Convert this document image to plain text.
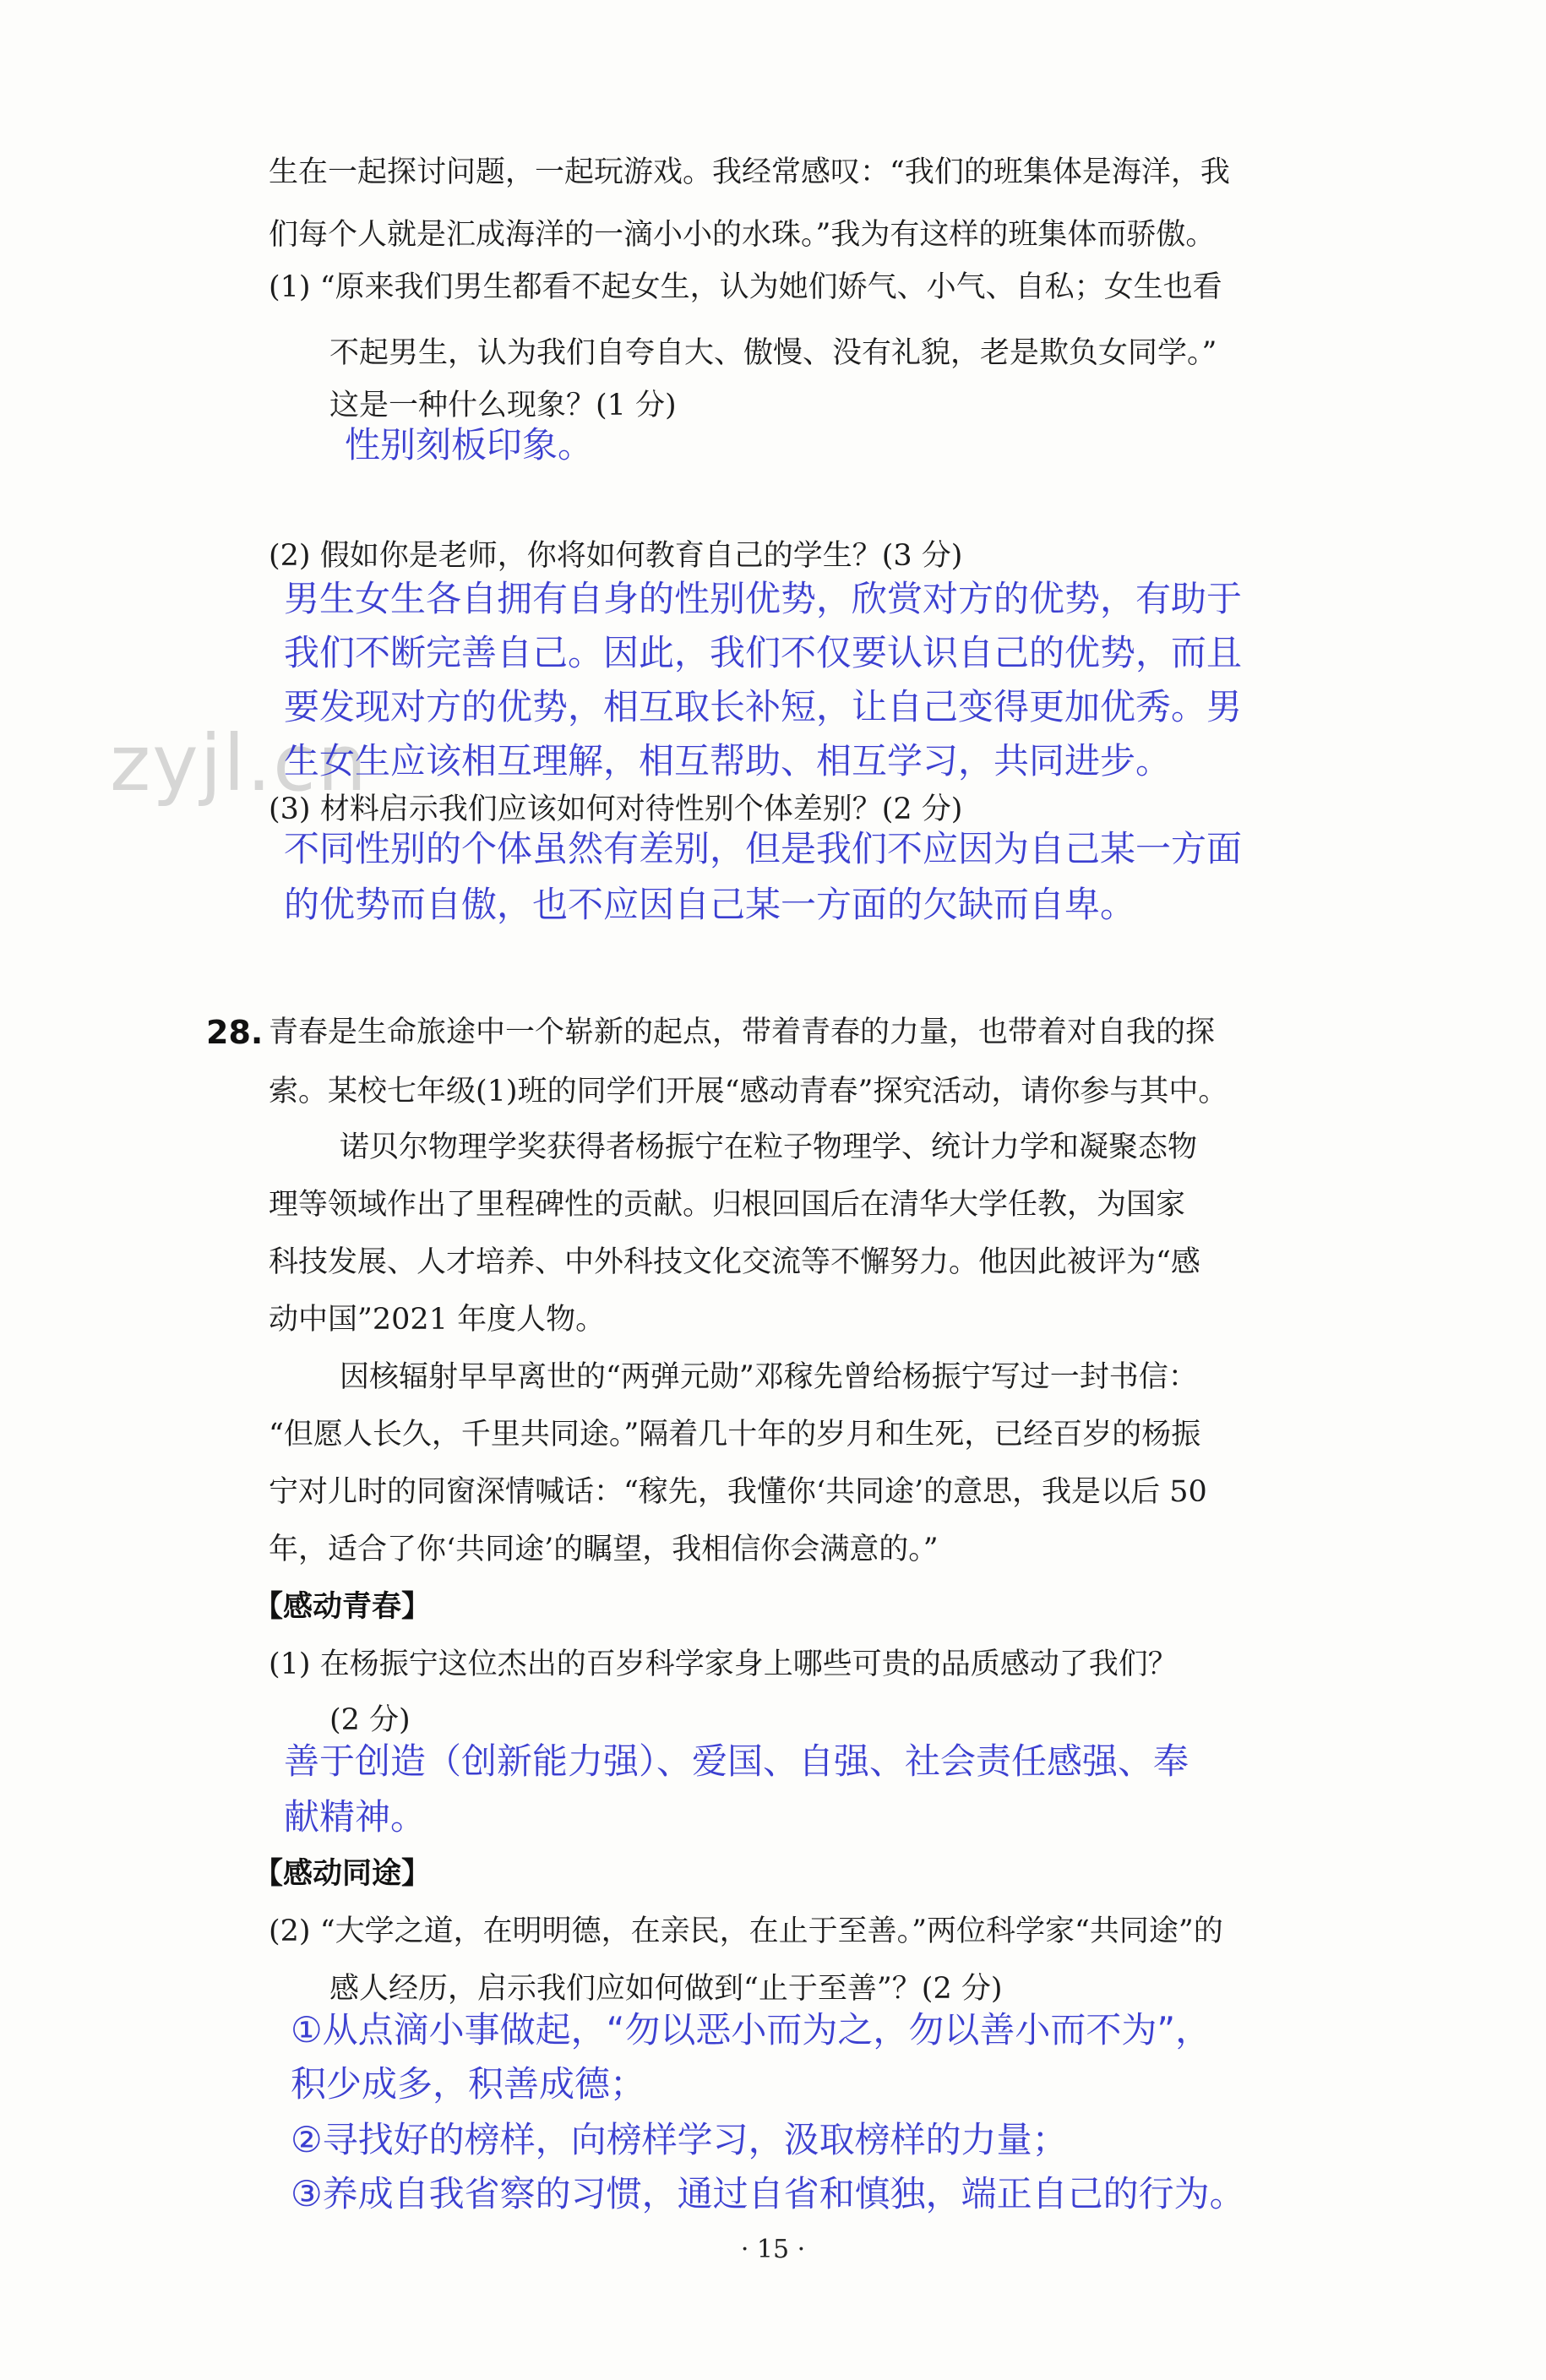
zyjl.cn
生在一起探讨问题，一起玩游戏。我经常感叹：“我们的班集体是海洋，我
们每个人就是汇成海洋的一滴小小的水珠。”我为有这样的班集体而骄傲。
(1) “原来我们男生都看不起女生，认为她们娇气、小气、自私；女生也看
不起男生，认为我们自夸自大、傲慢、没有礼貌，老是欺负女同学。”
这是一种什么现象？(1 分)
性别刻板印象。
(2) 假如你是老师，你将如何教育自己的学生？(3 分)
男生女生各自拥有自身的性别优势，欣赏对方的优势，有助于
我们不断完善自己。因此，我们不仅要认识自己的优势，而且
要发现对方的优势，相互取长补短，让自己变得更加优秀。男
生女生应该相互理解，相互帮助、相互学习，共同进步。
(3) 材料启示我们应该如何对待性别个体差别？(2 分)
不同性别的个体虽然有差别，但是我们不应因为自己某一方面
的优势而自傲，也不应因自己某一方面的欠缺而自卑。
28. 青春是生命旅途中一个崭新的起点，带着青春的力量，也带着对自我的探
索。某校七年级(1)班的同学们开展“感动青春”探究活动，请你参与其中。
诺贝尔物理学奖获得者杨振宁在粒子物理学、统计力学和凝聚态物
理等领域作出了里程碑性的贡献。归根回国后在清华大学任教，为国家
科技发展、人才培养、中外科技文化交流等不懈努力。他因此被评为“感
动中国”2021 年度人物。
因核辐射早早离世的“两弹元勋”邓稼先曾给杨振宁写过一封书信：
“但愿人长久，千里共同途。”隔着几十年的岁月和生死，已经百岁的杨振
宁对儿时的同窗深情喊话：“稼先，我懂你‘共同途’的意思，我是以后 50
年，适合了你‘共同途’的瞩望，我相信你会满意的。”
【感动青春】
(1) 在杨振宁这位杰出的百岁科学家身上哪些可贵的品质感动了我们？
(2 分)
善于创造（创新能力强）、爱国、自强、社会责任感强、奉
献精神。
【感动同途】
(2) “大学之道，在明明德，在亲民，在止于至善。”两位科学家“共同途”的
感人经历，启示我们应如何做到“止于至善”？(2 分)
①从点滴小事做起，“勿以恶小而为之，勿以善小而不为”，
积少成多，积善成德；
②寻找好的榜样，向榜样学习，汲取榜样的力量；
③养成自我省察的习惯，通过自省和慎独，端正自己的行为。
· 15 ·
